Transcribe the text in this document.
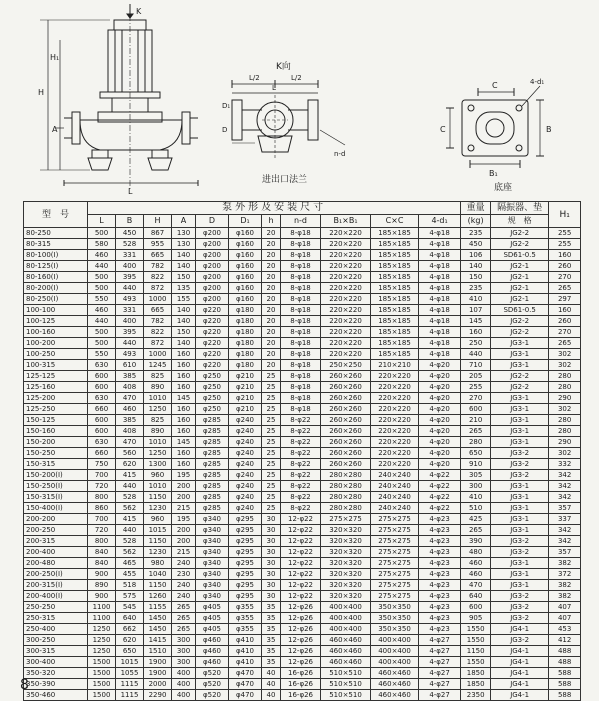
K
H₁
H
A
L
K向
L/2	L/2
L
D₁
D
n-d
进出口法兰
C	4-d₁
C	B
B₁
底座
型　号	泵外形及安装尺寸											重量	隔振器、垫	H₁
	L	B	H	A	D	D₁	h	n-d	B₁×B₁	C×C	4-d₁	(kg)	规　格	
80-250	500	450	867	130	φ200	φ160	20	8-φ18	220×220	185×185	4-φ18	235	JG2-2	255
80-315	580	528	955	130	φ200	φ160	20	8-φ18	220×220	185×185	4-φ18	450	JG2-2	255
80-100(Ⅰ)	460	331	665	140	φ200	φ160	20	8-φ18	220×220	185×185	4-φ18	106	SD61-0.5	160
80-125(Ⅰ)	440	400	782	140	φ200	φ160	20	8-φ18	220×220	185×185	4-φ18	140	JG2-1	260
80-160(Ⅰ)	500	395	822	150	φ200	φ160	20	8-φ18	220×220	185×185	4-φ18	150	JG2-1	270
80-200(Ⅰ)	500	440	872	135	φ200	φ160	20	8-φ18	220×220	185×185	4-φ18	235	JG2-1	265
80-250(Ⅰ)	550	493	1000	155	φ200	φ160	20	8-φ18	220×220	185×185	4-φ18	410	JG2-1	297
100-100	460	331	665	140	φ220	φ180	20	8-φ18	220×220	185×185	4-φ18	107	SD61-0.5	160
100-125	440	400	782	140	φ220	φ180	20	8-φ18	220×220	185×185	4-φ18	145	JG2-2	260
100-160	500	395	822	150	φ220	φ180	20	8-φ18	220×220	185×185	4-φ18	160	JG2-2	270
100-200	500	440	872	140	φ220	φ180	20	8-φ18	220×220	185×185	4-φ18	250	JG3-1	265
100-250	550	493	1000	160	φ220	φ180	20	8-φ18	220×220	185×185	4-φ18	440	JG3-1	302
100-315	630	610	1245	160	φ220	φ180	20	8-φ18	250×250	210×210	4-φ20	710	JG3-1	302
125-125	600	385	825	160	φ250	φ210	25	8-φ18	260×260	220×220	4-φ20	205	JG2-2	280
125-160	600	408	890	160	φ250	φ210	25	8-φ18	260×260	220×220	4-φ20	255	JG2-2	280
125-200	630	470	1010	145	φ250	φ210	25	8-φ18	260×260	220×220	4-φ20	270	JG3-1	290
125-250	660	460	1250	160	φ250	φ210	25	8-φ18	260×260	220×220	4-φ20	600	JG3-1	302
150-125	600	385	825	160	φ285	φ240	25	8-φ22	260×260	220×220	4-φ20	210	JG3-1	280
150-160	600	408	890	160	φ285	φ240	25	8-φ22	260×260	220×220	4-φ20	265	JG3-1	280
150-200	630	470	1010	145	φ285	φ240	25	8-φ22	260×260	220×220	4-φ20	280	JG3-1	290
150-250	660	560	1250	160	φ285	φ240	25	8-φ22	260×260	220×220	4-φ20	650	JG3-2	302
150-315	750	620	1300	160	φ285	φ240	25	8-φ22	260×260	220×220	4-φ20	910	JG3-2	332
150-200(Ⅰ)	700	415	960	195	φ285	φ240	25	8-φ22	280×280	240×240	4-φ22	305	JG3-2	342
150-250(Ⅰ)	720	440	1010	200	φ285	φ240	25	8-φ22	280×280	240×240	4-φ22	300	JG3-1	342
150-315(Ⅰ)	800	528	1150	200	φ285	φ240	25	8-φ22	280×280	240×240	4-φ22	410	JG3-1	342
150-400(Ⅰ)	860	562	1230	215	φ285	φ240	25	8-φ22	280×280	240×240	4-φ22	510	JG3-1	357
200-200	700	415	960	195	φ340	φ295	30	12-φ22	275×275	275×275	4-φ23	425	JG3-1	337
200-250	720	440	1015	200	φ340	φ295	30	12-φ22	320×320	275×275	4-φ23	265	JG3-1	342
200-315	800	528	1150	200	φ340	φ295	30	12-φ22	320×320	275×275	4-φ23	390	JG3-2	342
200-400	840	562	1230	215	φ340	φ295	30	12-φ22	320×320	275×275	4-φ23	480	JG3-2	357
200-480	840	465	980	240	φ340	φ295	30	12-φ22	320×320	275×275	4-φ23	460	JG3-1	382
200-250(Ⅰ)	900	455	1040	230	φ340	φ295	30	12-φ22	320×320	275×275	4-φ23	460	JG3-1	372
200-315(Ⅰ)	890	518	1150	240	φ340	φ295	30	12-φ22	320×320	275×275	4-φ23	470	JG3-1	382
200-400(Ⅰ)	900	575	1260	240	φ340	φ295	30	12-φ22	320×320	275×275	4-φ23	640	JG3-2	382
250-250	1100	545	1155	265	φ405	φ355	35	12-φ26	400×400	350×350	4-φ23	600	JG3-2	407
250-315	1100	640	1450	265	φ405	φ355	35	12-φ26	400×400	350×350	4-φ23	905	JG3-2	407
250-400	1250	662	1450	265	φ405	φ355	35	12-φ26	400×400	350×350	4-φ23	1550	JG4-1	453
300-250	1250	620	1415	300	φ460	φ410	35	12-φ26	460×460	400×400	4-φ27	1550	JG3-2	412
300-315	1250	650	1510	300	φ460	φ410	35	12-φ26	460×460	400×400	4-φ27	1150	JG4-1	488
300-400	1500	1015	1900	300	φ460	φ410	35	12-φ26	460×460	400×400	4-φ27	1550	JG4-1	488
350-320	1500	1055	1900	400	φ520	φ470	40	16-φ26	510×510	460×460	4-φ27	1850	JG4-1	588
350-390	1500	1115	2000	400	φ520	φ470	40	16-φ26	510×510	460×460	4-φ27	1850	JG4-1	588
350-460	1500	1115	2290	400	φ520	φ470	40	16-φ26	510×510	460×460	4-φ27	2350	JG4-1	588
8
